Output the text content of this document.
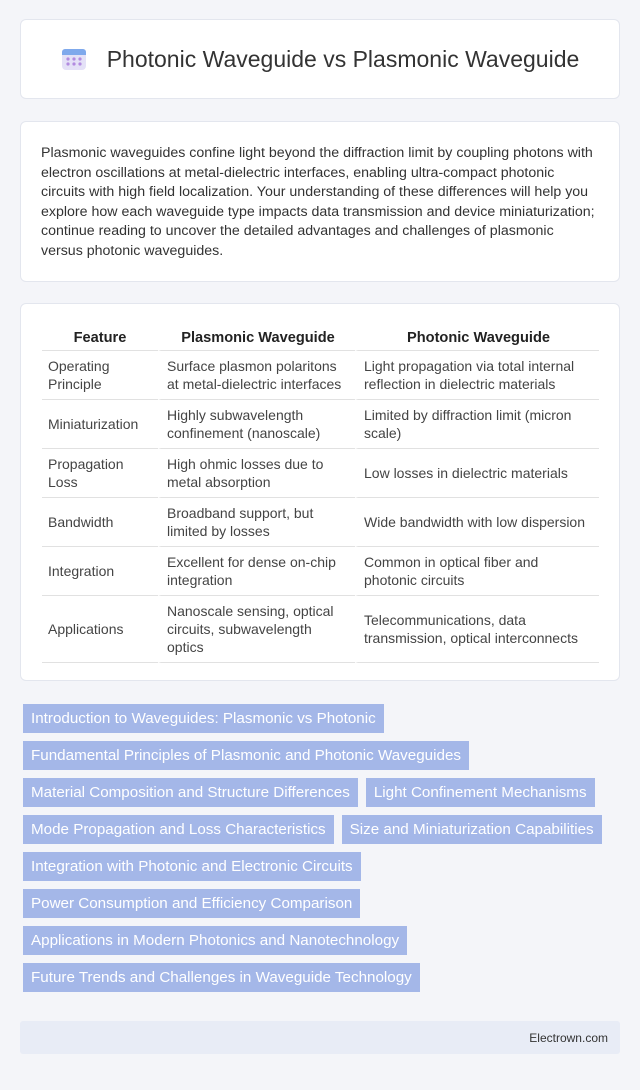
Photonic Waveguide vs Plasmonic Waveguide

Plasmonic waveguides confine light beyond the diffraction limit by coupling photons with electron oscillations at metal-dielectric interfaces, enabling ultra-compact photonic circuits with high field localization. Your understanding of these differences will help you explore how each waveguide type impacts data transmission and device miniaturization; continue reading to uncover the detailed advantages and challenges of plasmonic versus photonic waveguides.

Feature	Plasmonic Waveguide	Photonic Waveguide
Operating Principle	Surface plasmon polaritons at metal-dielectric interfaces	Light propagation via total internal reflection in dielectric materials
Miniaturization	Highly subwavelength confinement (nanoscale)	Limited by diffraction limit (micron scale)
Propagation Loss	High ohmic losses due to metal absorption	Low losses in dielectric materials
Bandwidth	Broadband support, but limited by losses	Wide bandwidth with low dispersion
Integration	Excellent for dense on-chip integration	Common in optical fiber and photonic circuits
Applications	Nanoscale sensing, optical circuits, subwavelength optics	Telecommunications, data transmission, optical interconnects
Introduction to Waveguides: Plasmonic vs Photonic
Fundamental Principles of Plasmonic and Photonic Waveguides
Material Composition and Structure Differences	Light Confinement Mechanisms
Mode Propagation and Loss Characteristics	Size and Miniaturization Capabilities
Integration with Photonic and Electronic Circuits
Power Consumption and Efficiency Comparison
Applications in Modern Photonics and Nanotechnology
Future Trends and Challenges in Waveguide Technology
Electrown.com
